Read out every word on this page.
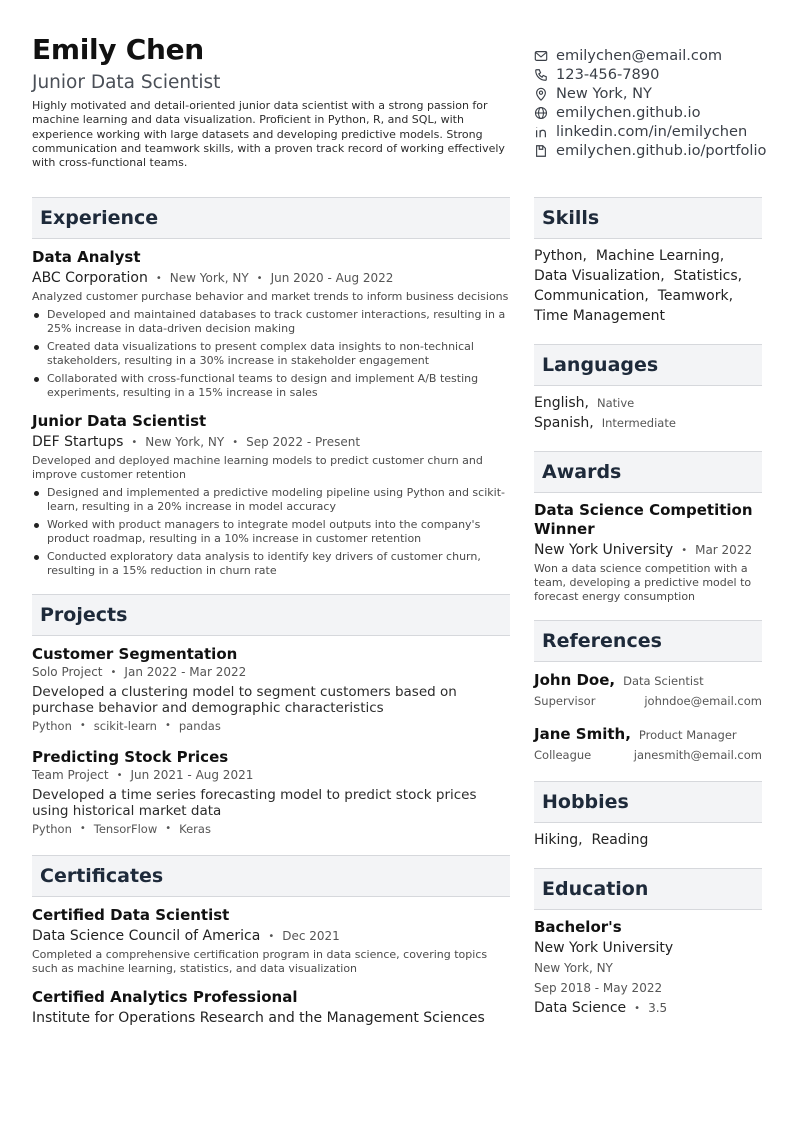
Emily Chen
Junior Data Scientist
Highly motivated and detail-oriented junior data scientist with a strong passion for machine learning and data visualization. Proficient in Python, R, and SQL, with experience working with large datasets and developing predictive models. Strong communication and teamwork skills, with a proven track record of working effectively with cross-functional teams.
emilychen@email.com
123-456-7890
New York, NY
emilychen.github.io
linkedin.com/in/emilychen
emilychen.github.io/portfolio
Experience
Data Analyst
ABC Corporation • New York, NY • Jun 2020 - Aug 2022
Analyzed customer purchase behavior and market trends to inform business decisions
Developed and maintained databases to track customer interactions, resulting in a 25% increase in data-driven decision making
Created data visualizations to present complex data insights to non-technical stakeholders, resulting in a 30% increase in stakeholder engagement
Collaborated with cross-functional teams to design and implement A/B testing experiments, resulting in a 15% increase in sales
Junior Data Scientist
DEF Startups • New York, NY • Sep 2022 - Present
Developed and deployed machine learning models to predict customer churn and improve customer retention
Designed and implemented a predictive modeling pipeline using Python and scikit-learn, resulting in a 20% increase in model accuracy
Worked with product managers to integrate model outputs into the company's product roadmap, resulting in a 10% increase in customer retention
Conducted exploratory data analysis to identify key drivers of customer churn, resulting in a 15% reduction in churn rate
Projects
Customer Segmentation
Solo Project • Jan 2022 - Mar 2022
Developed a clustering model to segment customers based on purchase behavior and demographic characteristics
Python • scikit-learn • pandas
Predicting Stock Prices
Team Project • Jun 2021 - Aug 2021
Developed a time series forecasting model to predict stock prices using historical market data
Python • TensorFlow • Keras
Certificates
Certified Data Scientist
Data Science Council of America • Dec 2021
Completed a comprehensive certification program in data science, covering topics such as machine learning, statistics, and data visualization
Certified Analytics Professional
Institute for Operations Research and the Management Sciences
Skills
Python, Machine Learning,
Data Visualization, Statistics,
Communication, Teamwork,
Time Management
Languages
English, Native
Spanish, Intermediate
Awards
Data Science Competition Winner
New York University • Mar 2022
Won a data science competition with a team, developing a predictive model to forecast energy consumption
References
John Doe, Data Scientist
Supervisor	johndoe@email.com
Jane Smith, Product Manager
Colleague	janesmith@email.com
Hobbies
Hiking, Reading
Education
Bachelor's
New York University
New York, NY
Sep 2018 - May 2022
Data Science • 3.5
